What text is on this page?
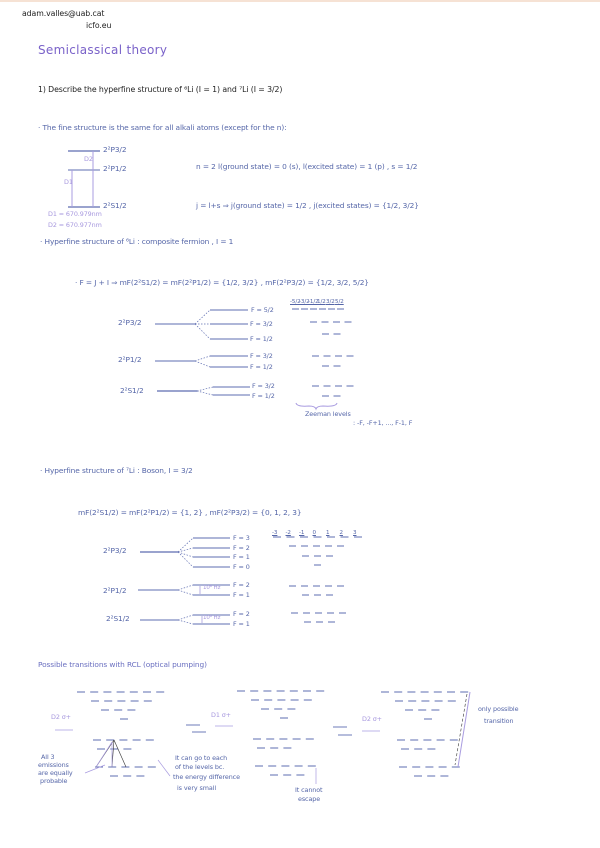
adam.valles@uab.cat
icfo.eu
Semiclassical theory
1) Describe the hyperfine structure of ⁶Li (I = 1) and ⁷Li (I = 3/2)
· The fine structure is the same for all alkali atoms (except for the n):
2²P3/2
2²P1/2
2²S1/2
D2
D1
D1 = 670.979nm
D2 = 670.977nm
n = 2 l(ground state) = 0 (s), l(excited state) = 1 (p) , s = 1/2
j = l+s ⇒ j(ground state) = 1/2 , j(excited states) = {1/2, 3/2}
· Hyperfine structure of ⁶Li : composite fermion , I = 1
· F = J + I ⇒ mF(2²S1/2) = mF(2²P1/2) = {1/2, 3/2} , mF(2²P3/2) = {1/2, 3/2, 5/2}
2²P3/2
2²P1/2
2²S1/2
F = 5/2
F = 3/2
F = 1/2
F = 3/2
F = 1/2
F = 3/2
F = 1/2
-5/2
-3/2
-1/2
1/2 3/2 5/2
Zeeman levels
: -F, -F+1, ..., F-1, F
· Hyperfine structure of ⁷Li : Boson, I = 3/2
mF(2²S1/2) = mF(2²P1/2) = {1, 2} , mF(2²P3/2) = {0, 1, 2, 3}
2²P3/2
2²P1/2
2²S1/2
F = 3
F = 2
F = 1
F = 0
F = 2
F = 1
F = 2
F = 1
10⁸ Hz
10⁹ Hz
-3 -2 -1 0 1 2 3
Possible transitions with RCL (optical pumping)
D2 σ+	D1 σ+	D2 σ+
All 3
emissions
are equally
probable
It can go to each
of the levels bc.
the energy difference
is very small	It cannot
escape
only possible
transition
